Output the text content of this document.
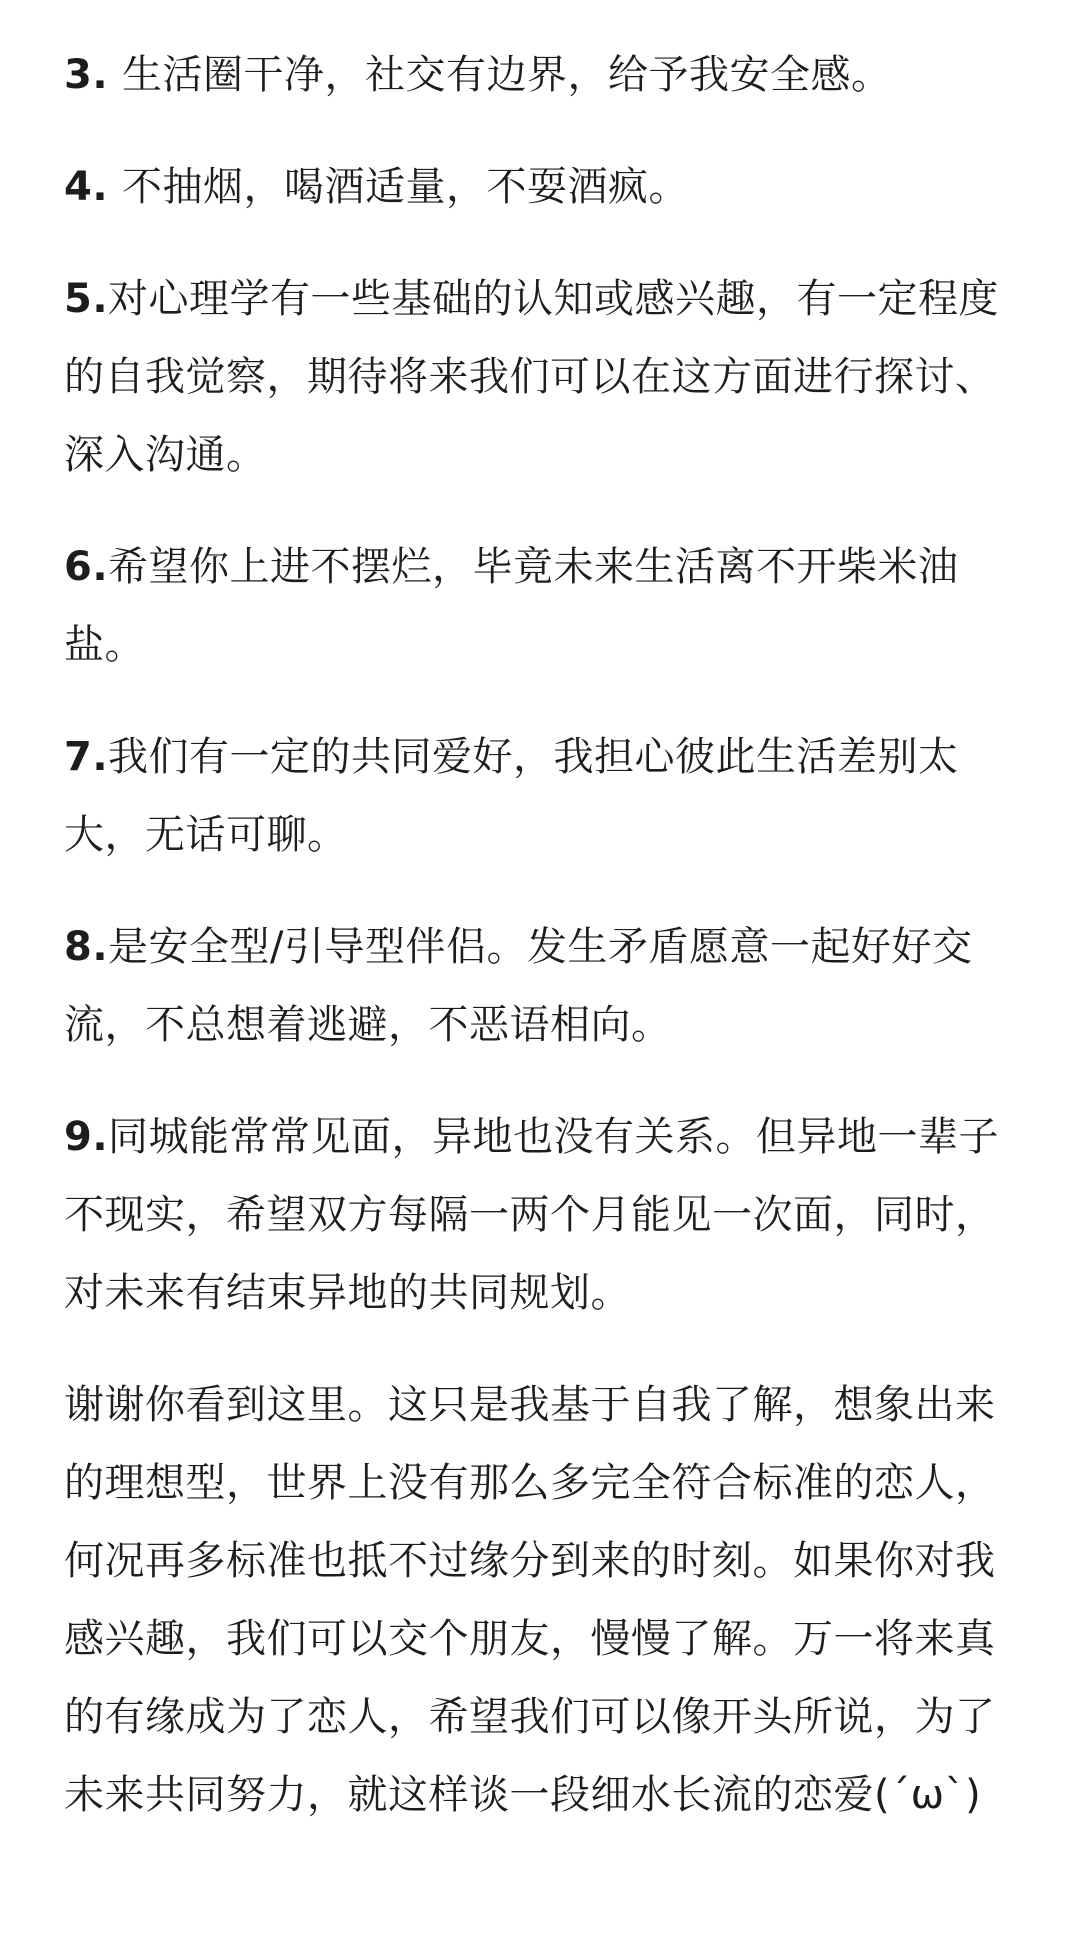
3. 生活圈干净，社交有边界，给予我安全感。

4. 不抽烟，喝酒适量，不耍酒疯。

5.对心理学有一些基础的认知或感兴趣，有一定程度的自我觉察，期待将来我们可以在这方面进行探讨、深入沟通。

6.希望你上进不摆烂，毕竟未来生活离不开柴米油盐。

7.我们有一定的共同爱好，我担心彼此生活差别太大，无话可聊。

8.是安全型/引导型伴侣。发生矛盾愿意一起好好交流，不总想着逃避，不恶语相向。

9.同城能常常见面，异地也没有关系。但异地一辈子不现实，希望双方每隔一两个月能见一次面，同时，对未来有结束异地的共同规划。

谢谢你看到这里。这只是我基于自我了解，想象出来的理想型，世界上没有那么多完全符合标准的恋人，何况再多标准也抵不过缘分到来的时刻。如果你对我感兴趣，我们可以交个朋友，慢慢了解。万一将来真的有缘成为了恋人，希望我们可以像开头所说，为了未来共同努力，就这样谈一段细水长流的恋爱(´ω`)
